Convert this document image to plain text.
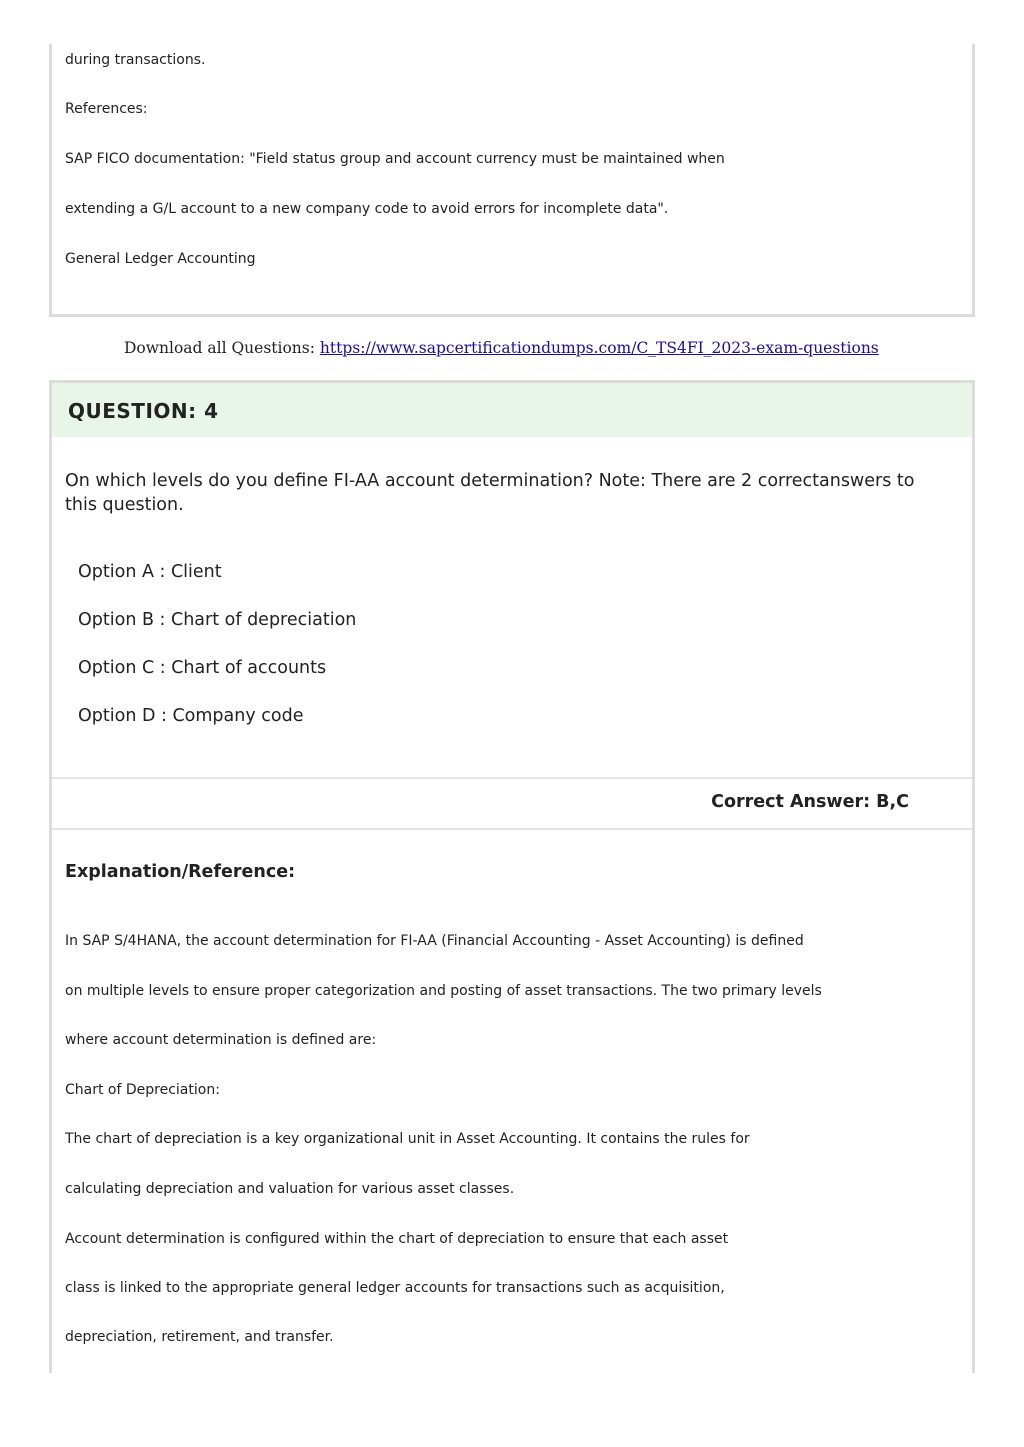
during transactions.
References:
SAP FICO documentation: "Field status group and account currency must be maintained when
extending a G/L account to a new company code to avoid errors for incomplete data".
General Ledger Accounting
Download all Questions: https://www.sapcertificationdumps.com/C_TS4FI_2023-exam-questions
QUESTION: 4
On which levels do you define FI-AA account determination? Note: There are 2 correctanswers to this question.
Option A : Client
Option B : Chart of depreciation
Option C : Chart of accounts
Option D : Company code
Correct Answer: B,C
Explanation/Reference:
In SAP S/4HANA, the account determination for FI-AA (Financial Accounting - Asset Accounting) is defined
on multiple levels to ensure proper categorization and posting of asset transactions. The two primary levels
where account determination is defined are:
Chart of Depreciation:
The chart of depreciation is a key organizational unit in Asset Accounting. It contains the rules for
calculating depreciation and valuation for various asset classes.
Account determination is configured within the chart of depreciation to ensure that each asset
class is linked to the appropriate general ledger accounts for transactions such as acquisition,
depreciation, retirement, and transfer.
